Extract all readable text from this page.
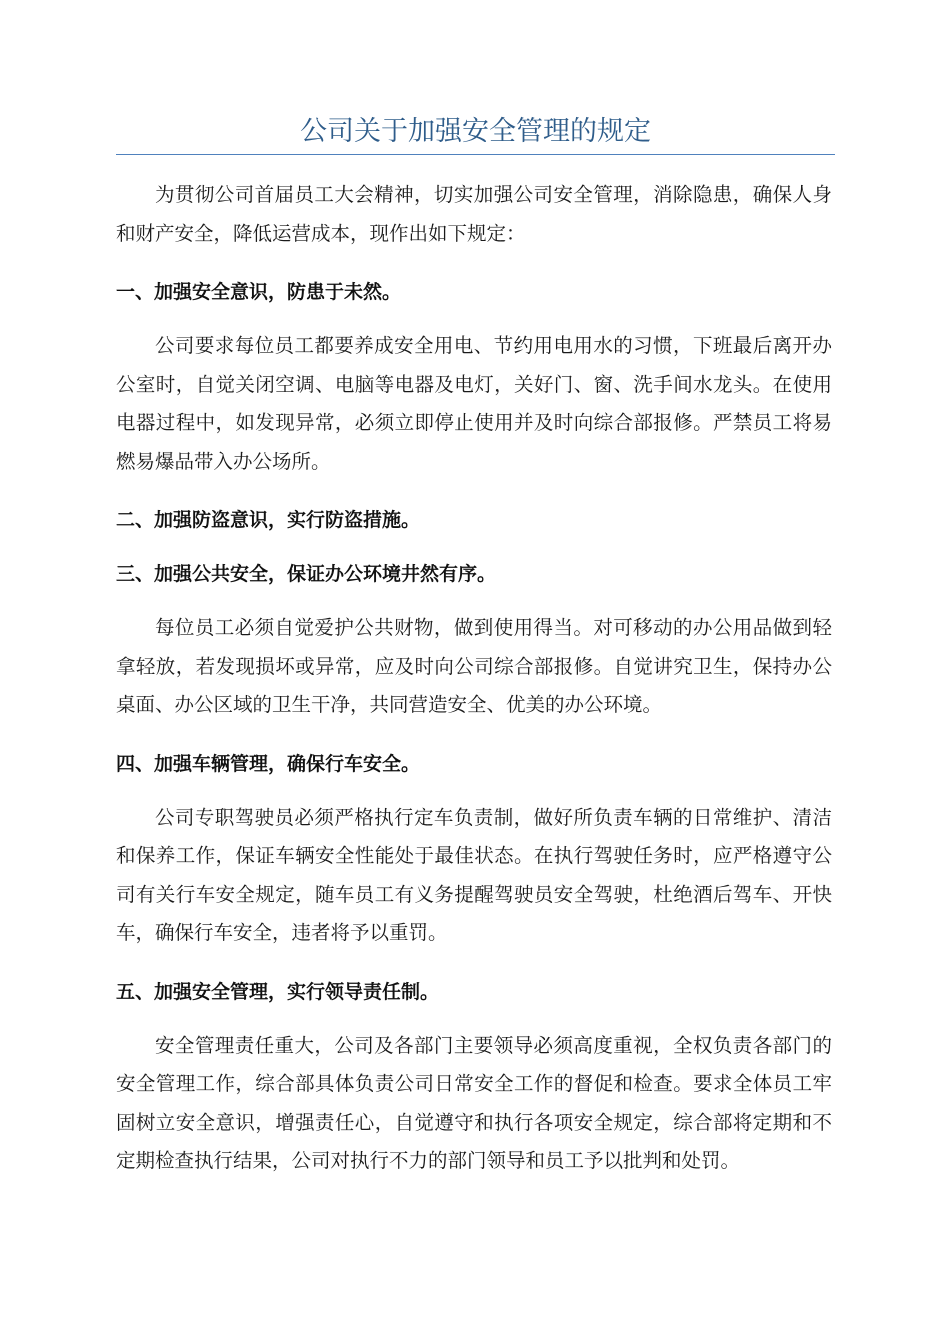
公司关于加强安全管理的规定

为贯彻公司首届员工大会精神，切实加强公司安全管理，消除隐患，确保人身和财产安全，降低运营成本，现作出如下规定：

一、加强安全意识，防患于未然。

公司要求每位员工都要养成安全用电、节约用电用水的习惯，下班最后离开办公室时，自觉关闭空调、电脑等电器及电灯，关好门、窗、洗手间水龙头。在使用电器过程中，如发现异常，必须立即停止使用并及时向综合部报修。严禁员工将易燃易爆品带入办公场所。

二、加强防盗意识，实行防盗措施。

三、加强公共安全，保证办公环境井然有序。

每位员工必须自觉爱护公共财物，做到使用得当。对可移动的办公用品做到轻拿轻放，若发现损坏或异常，应及时向公司综合部报修。自觉讲究卫生，保持办公桌面、办公区域的卫生干净，共同营造安全、优美的办公环境。

四、加强车辆管理，确保行车安全。

公司专职驾驶员必须严格执行定车负责制，做好所负责车辆的日常维护、清洁和保养工作，保证车辆安全性能处于最佳状态。在执行驾驶任务时，应严格遵守公司有关行车安全规定，随车员工有义务提醒驾驶员安全驾驶，杜绝酒后驾车、开快车，确保行车安全，违者将予以重罚。

五、加强安全管理，实行领导责任制。

安全管理责任重大，公司及各部门主要领导必须高度重视，全权负责各部门的安全管理工作，综合部具体负责公司日常安全工作的督促和检查。要求全体员工牢固树立安全意识，增强责任心，自觉遵守和执行各项安全规定，综合部将定期和不定期检查执行结果，公司对执行不力的部门领导和员工予以批判和处罚。
